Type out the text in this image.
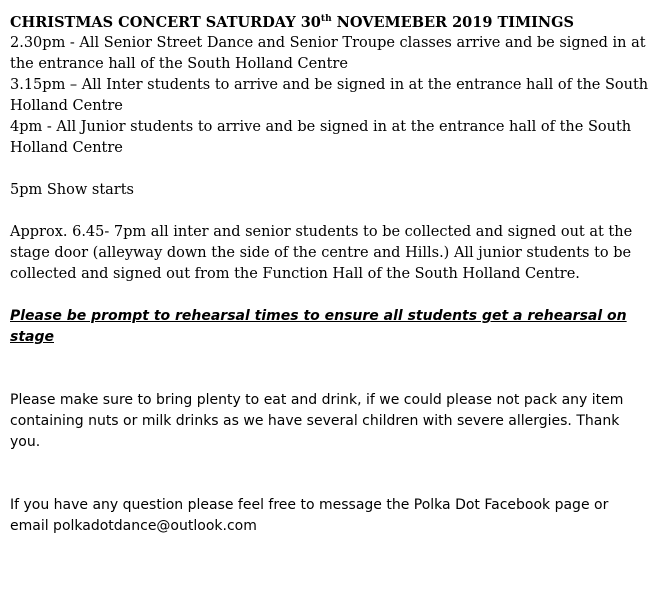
CHRISTMAS CONCERT SATURDAY 30th NOVEMEBER 2019 TIMINGS

2.30pm - All Senior Street Dance and Senior Troupe classes arrive and be signed in at the entrance hall of the South Holland Centre

3.15pm – All Inter students to arrive and be signed in at the entrance hall of the South Holland Centre

4pm - All Junior students to arrive and be signed in at the entrance hall of the South Holland Centre

5pm Show starts

Approx. 6.45- 7pm all inter and senior students to be collected and signed out at the stage door (alleyway down the side of the centre and Hills.) All junior students to be collected and signed out from the Function Hall of the South Holland Centre.

Please be prompt to rehearsal times to ensure all students get a rehearsal on stage

Please make sure to bring plenty to eat and drink, if we could please not pack any item containing nuts or milk drinks as we have several children with severe allergies. Thank you.

If you have any question please feel free to message the Polka Dot Facebook page or email polkadotdance@outlook.com
